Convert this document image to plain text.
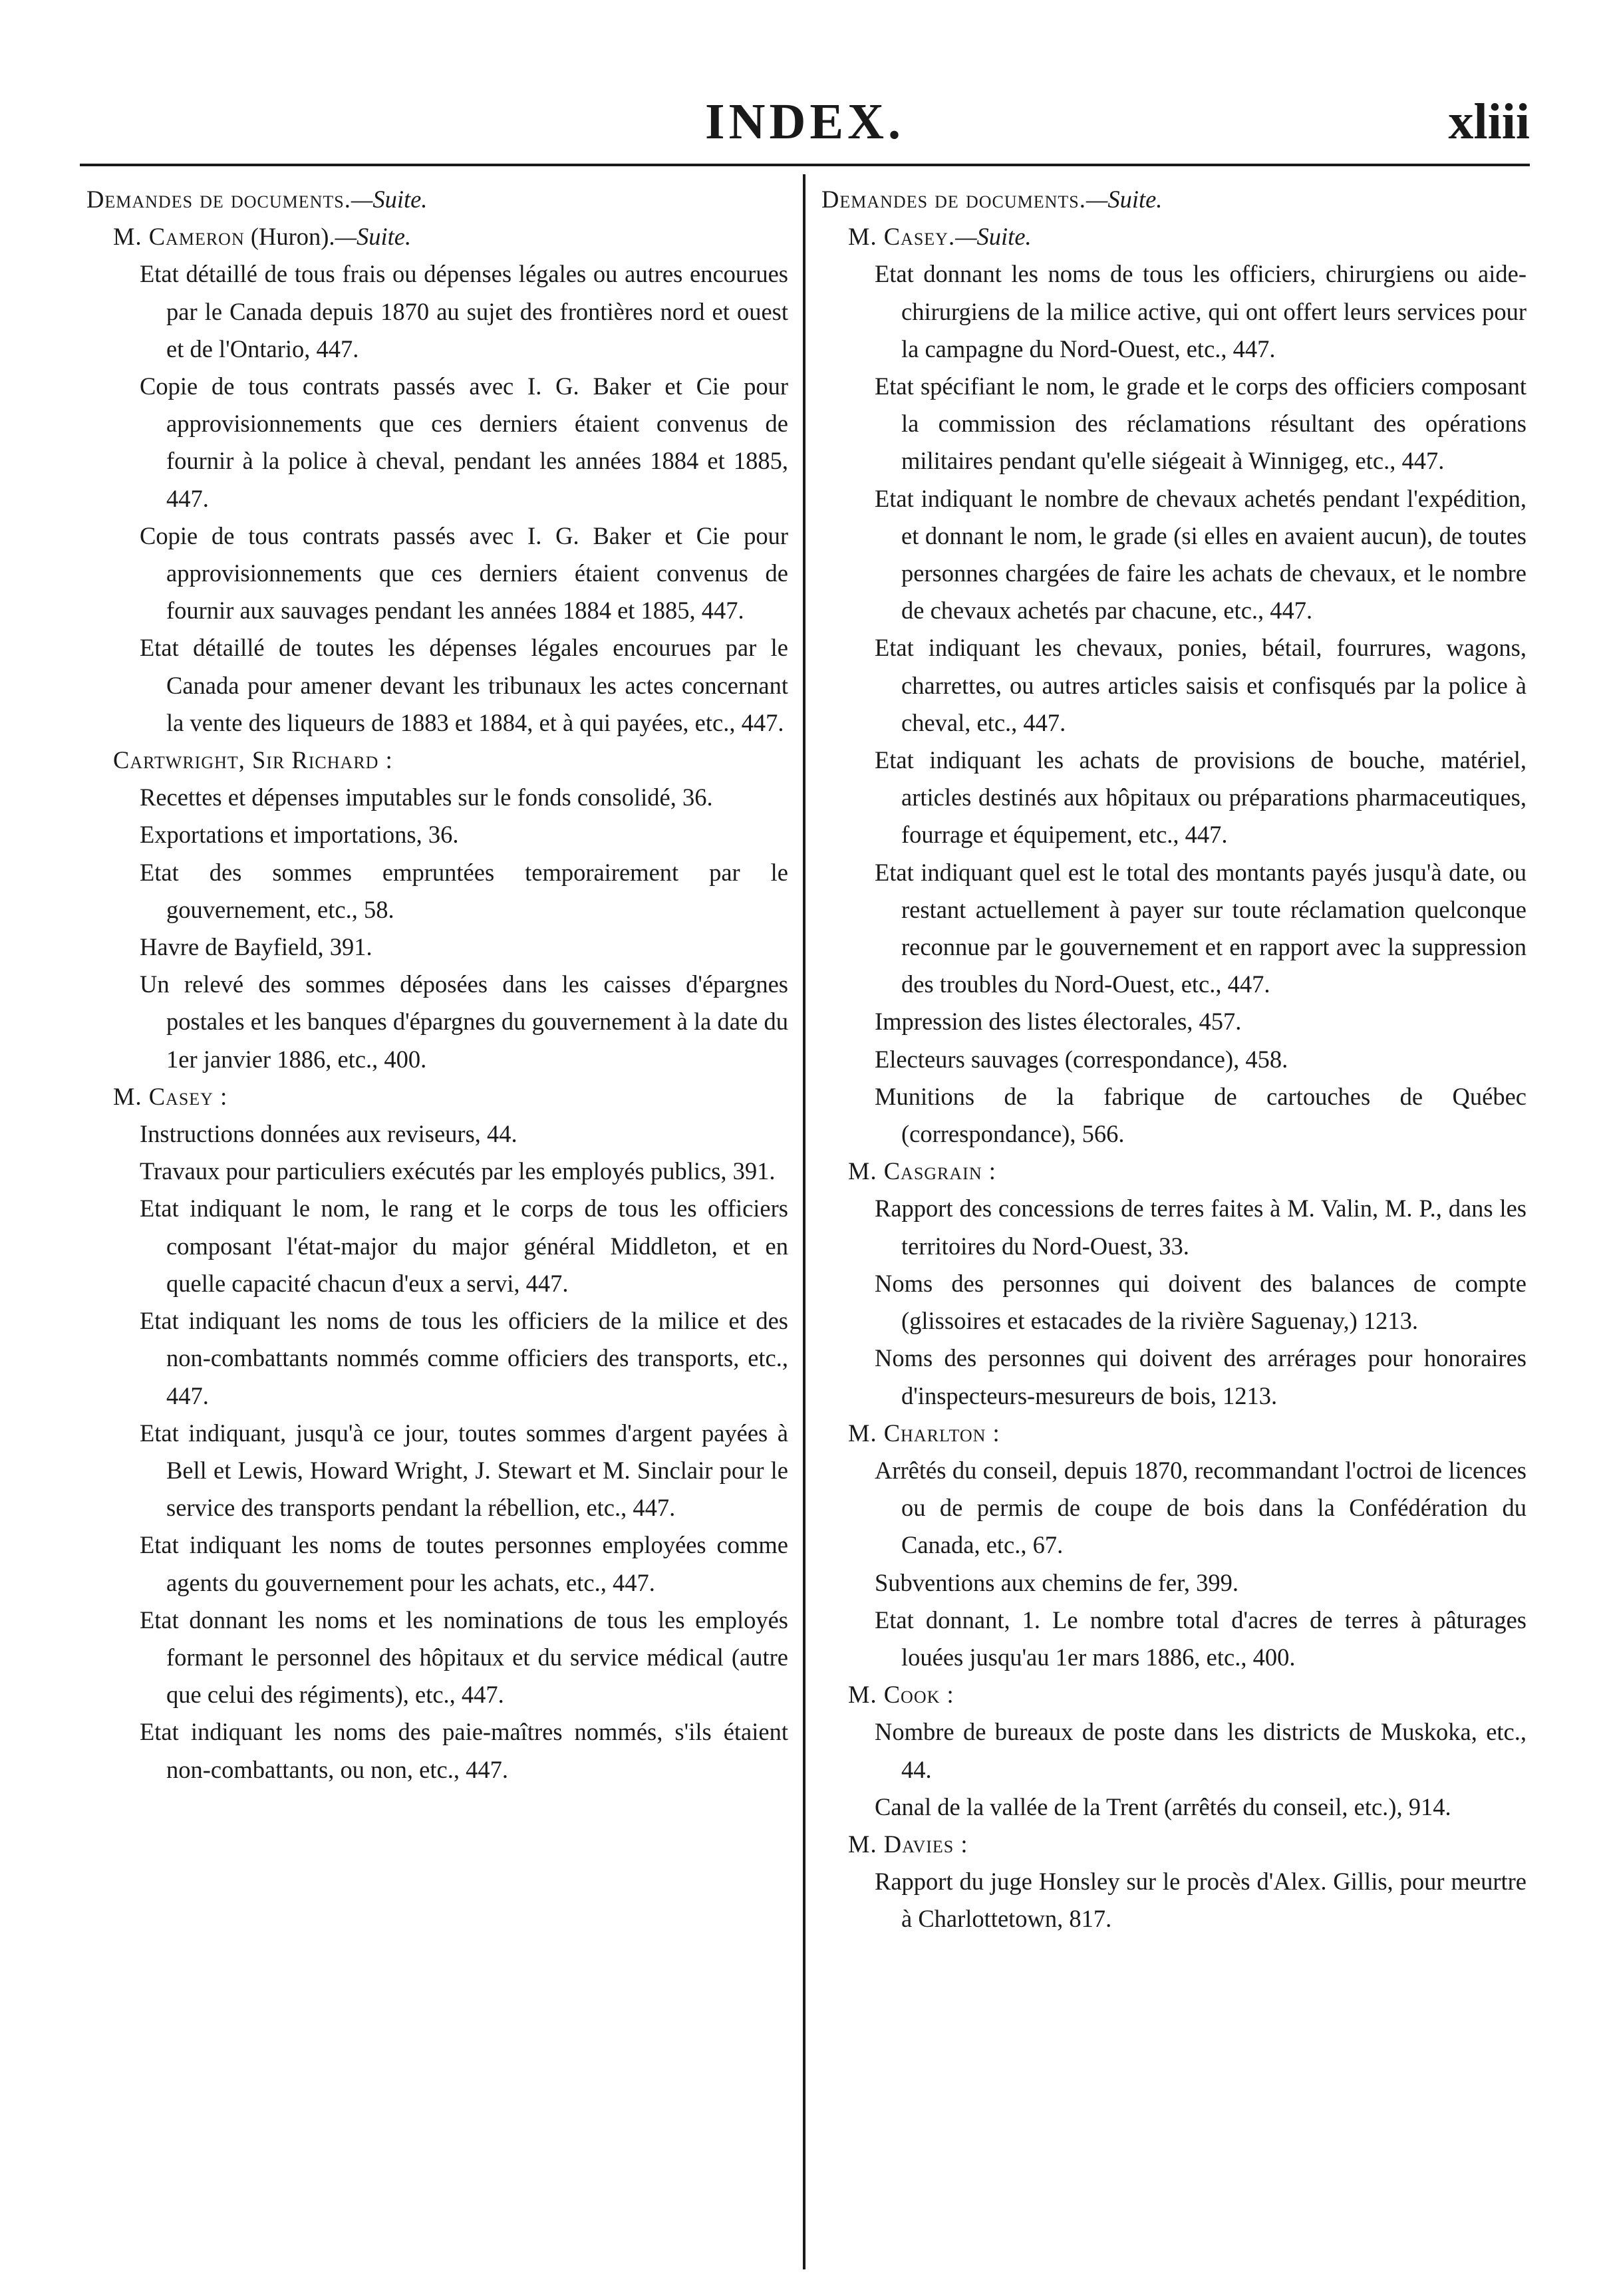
INDEX.	xliii
Demandes de documents.—Suite.
M. Cameron (Huron).—Suite.
Etat détaillé de tous frais ou dépenses légales ou autres encourues par le Canada depuis 1870 au sujet des frontières nord et ouest et de l'Ontario, 447.
Copie de tous contrats passés avec I. G. Baker et Cie pour approvisionnements que ces derniers étaient convenus de fournir à la police à cheval, pendant les années 1884 et 1885, 447.
Copie de tous contrats passés avec I. G. Baker et Cie pour approvisionnements que ces derniers étaient convenus de fournir aux sauvages pendant les années 1884 et 1885, 447.
Etat détaillé de toutes les dépenses légales encourues par le Canada pour amener devant les tribunaux les actes concernant la vente des liqueurs de 1883 et 1884, et à qui payées, etc., 447.
Cartwright, Sir Richard :
Recettes et dépenses imputables sur le fonds consolidé, 36.
Exportations et importations, 36.
Etat des sommes empruntées temporairement par le gouvernement, etc., 58.
Havre de Bayfield, 391.
Un relevé des sommes déposées dans les caisses d'épargnes postales et les banques d'épargnes du gouvernement à la date du 1er janvier 1886, etc., 400.
M. Casey :
Instructions données aux reviseurs, 44.
Travaux pour particuliers exécutés par les employés publics, 391.
Etat indiquant le nom, le rang et le corps de tous les officiers composant l'état-major du major général Middleton, et en quelle capacité chacun d'eux a servi, 447.
Etat indiquant les noms de tous les officiers de la milice et des non-combattants nommés comme officiers des transports, etc., 447.
Etat indiquant, jusqu'à ce jour, toutes sommes d'argent payées à Bell et Lewis, Howard Wright, J. Stewart et M. Sinclair pour le service des transports pendant la rébellion, etc., 447.
Etat indiquant les noms de toutes personnes employées comme agents du gouvernement pour les achats, etc., 447.
Etat donnant les noms et les nominations de tous les employés formant le personnel des hôpitaux et du service médical (autre que celui des régiments), etc., 447.
Etat indiquant les noms des paie-maîtres nommés, s'ils étaient non-combattants, ou non, etc., 447.
Demandes de documents.—Suite.
M. Casey.—Suite.
Etat donnant les noms de tous les officiers, chirurgiens ou aide-chirurgiens de la milice active, qui ont offert leurs services pour la campagne du Nord-Ouest, etc., 447.
Etat spécifiant le nom, le grade et le corps des officiers composant la commission des réclamations résultant des opérations militaires pendant qu'elle siégeait à Winnigeg, etc., 447.
Etat indiquant le nombre de chevaux achetés pendant l'expédition, et donnant le nom, le grade (si elles en avaient aucun), de toutes personnes chargées de faire les achats de chevaux, et le nombre de chevaux achetés par chacune, etc., 447.
Etat indiquant les chevaux, ponies, bétail, fourrures, wagons, charrettes, ou autres articles saisis et confisqués par la police à cheval, etc., 447.
Etat indiquant les achats de provisions de bouche, matériel, articles destinés aux hôpitaux ou préparations pharmaceutiques, fourrage et équipement, etc., 447.
Etat indiquant quel est le total des montants payés jusqu'à date, ou restant actuellement à payer sur toute réclamation quelconque reconnue par le gouvernement et en rapport avec la suppression des troubles du Nord-Ouest, etc., 447.
Impression des listes électorales, 457.
Electeurs sauvages (correspondance), 458.
Munitions de la fabrique de cartouches de Québec (correspondance), 566.
M. Casgrain :
Rapport des concessions de terres faites à M. Valin, M. P., dans les territoires du Nord-Ouest, 33.
Noms des personnes qui doivent des balances de compte (glissoires et estacades de la rivière Saguenay,) 1213.
Noms des personnes qui doivent des arrérages pour honoraires d'inspecteurs-mesureurs de bois, 1213.
M. Charlton :
Arrêtés du conseil, depuis 1870, recommandant l'octroi de licences ou de permis de coupe de bois dans la Confédération du Canada, etc., 67.
Subventions aux chemins de fer, 399.
Etat donnant, 1. Le nombre total d'acres de terres à pâturages louées jusqu'au 1er mars 1886, etc., 400.
M. Cook :
Nombre de bureaux de poste dans les districts de Muskoka, etc., 44.
Canal de la vallée de la Trent (arrêtés du conseil, etc.), 914.
M. Davies :
Rapport du juge Honsley sur le procès d'Alex. Gillis, pour meurtre à Charlottetown, 817.
